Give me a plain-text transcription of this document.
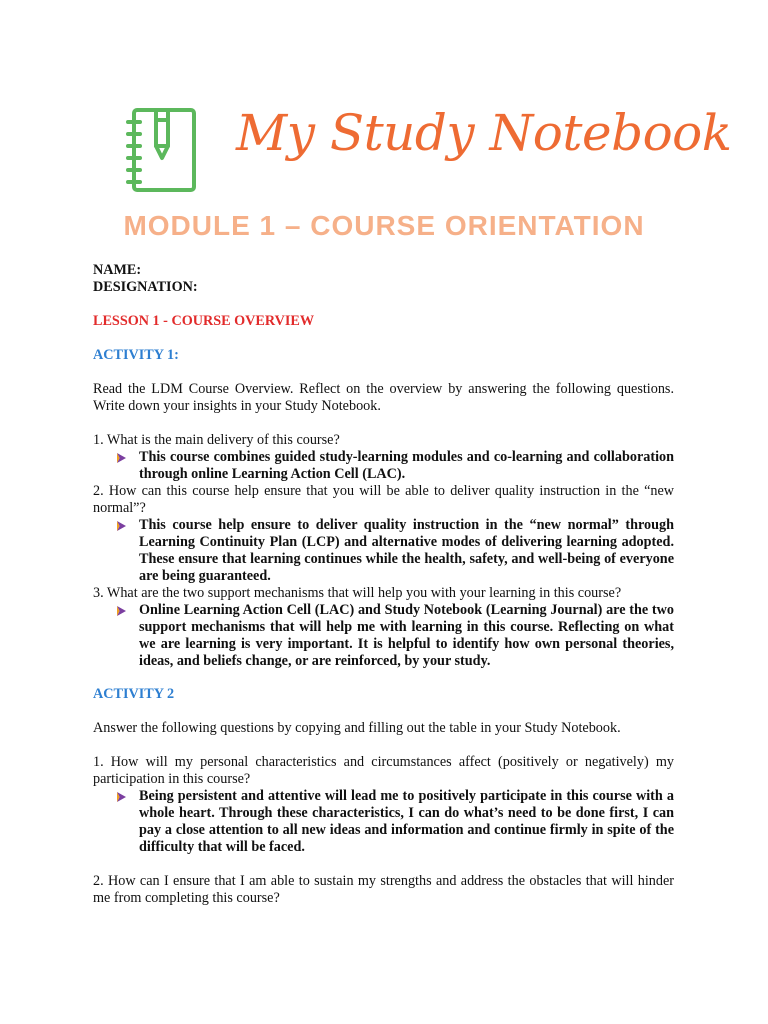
My Study Notebook
MODULE 1 – COURSE ORIENTATION

NAME:

DESIGNATION:

LESSON 1 - COURSE OVERVIEW

ACTIVITY 1:

Read the LDM Course Overview. Reflect on the overview by answering the following questions. Write down your insights in your Study Notebook.

1. What is the main delivery of this course?

This course combines guided study-learning modules and co-learning and collaboration through online Learning Action Cell (LAC).

2. How can this course help ensure that you will be able to deliver quality instruction in the “new normal”?

This course help ensure to deliver quality instruction in the “new normal” through Learning Continuity Plan (LCP) and alternative modes of delivering learning adopted. These ensure that learning continues while the health, safety, and well-being of everyone are being guaranteed.

3. What are the two support mechanisms that will help you with your learning in this course?

Online Learning Action Cell (LAC) and Study Notebook (Learning Journal) are the two support mechanisms that will help me with learning in this course. Reflecting on what we are learning is very important. It is helpful to identify how own personal theories, ideas, and beliefs change, or are reinforced, by your study.

ACTIVITY 2

Answer the following questions by copying and filling out the table in your Study Notebook.

1. How will my personal characteristics and circumstances affect (positively or negatively) my participation in this course?

Being persistent and attentive will lead me to positively participate in this course with a whole heart. Through these characteristics, I can do what’s need to be done first, I can pay a close attention to all new ideas and information and continue firmly in spite of the difficulty that will be faced.

2. How can I ensure that I am able to sustain my strengths and address the obstacles that will hinder me from completing this course?
